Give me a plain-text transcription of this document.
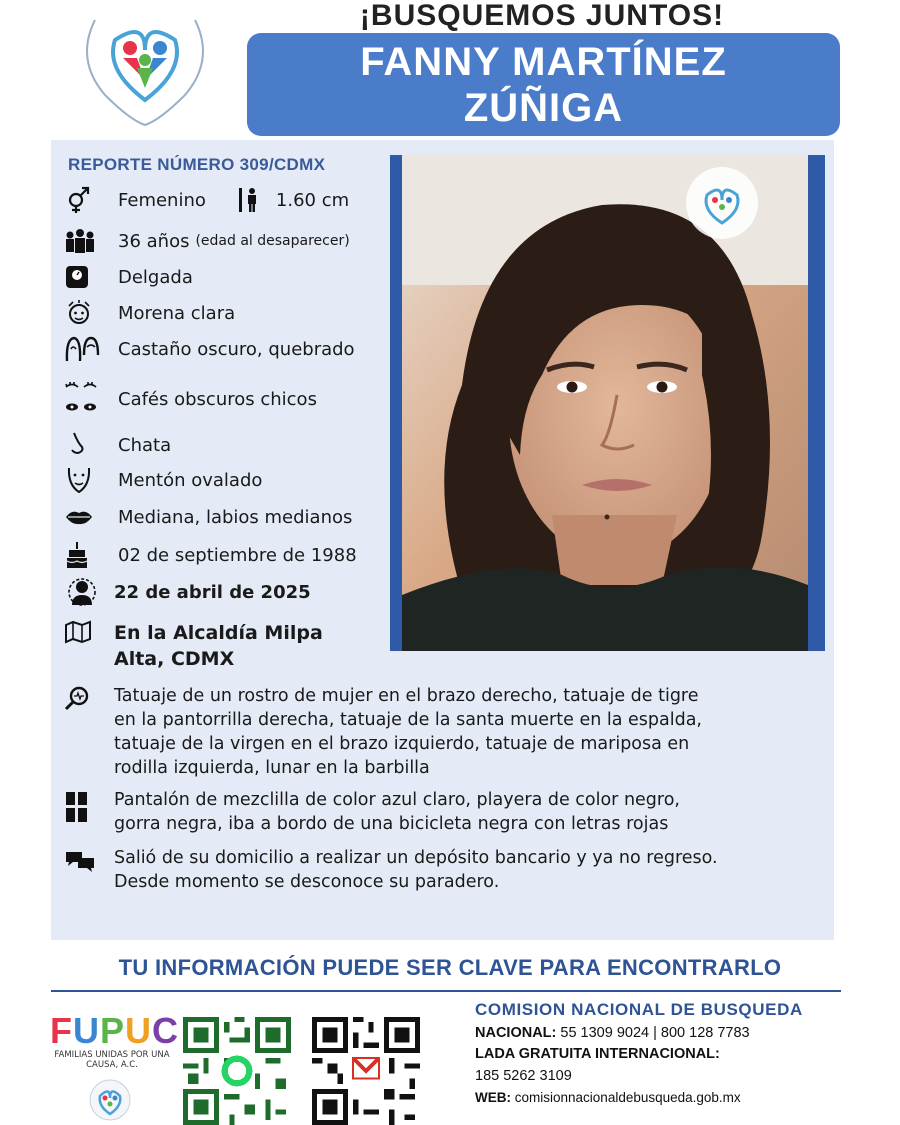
¡BUSQUEMOS JUNTOS!
FANNY MARTÍNEZ
ZÚÑIGA
REPORTE NÚMERO 309/CDMX
Femenino	1.60 cm
36 años (edad al desaparecer)
Delgada
Morena clara
Castaño oscuro, quebrado
Cafés obscuros chicos
Chata
Mentón ovalado
Mediana, labios medianos
02 de septiembre de 1988
22 de abril de 2025
En la Alcaldía Milpa
Alta, CDMX
Tatuaje de un rostro de mujer en el brazo derecho, tatuaje de tigre
en la pantorrilla derecha, tatuaje de la santa muerte en la espalda,
tatuaje de la virgen en el brazo izquierdo, tatuaje de mariposa en
rodilla izquierda, lunar en la barbilla
Pantalón de mezclilla de color azul claro, playera de color negro,
gorra negra, iba a bordo de una bicicleta negra con letras rojas
Salió de su domicilio a realizar un depósito bancario y ya no regreso.
Desde momento se desconoce su paradero.
TU INFORMACIÓN PUEDE SER CLAVE PARA ENCONTRARLO
FUPUC
FAMILIAS UNIDAS POR UNA CAUSA, A.C.
COMISION NACIONAL DE BUSQUEDA
NACIONAL: 55 1309 9024 | 800 128 7783
LADA GRATUITA INTERNACIONAL:
185 5262 3109
WEB: comisionnacionaldebusqueda.gob.mx
